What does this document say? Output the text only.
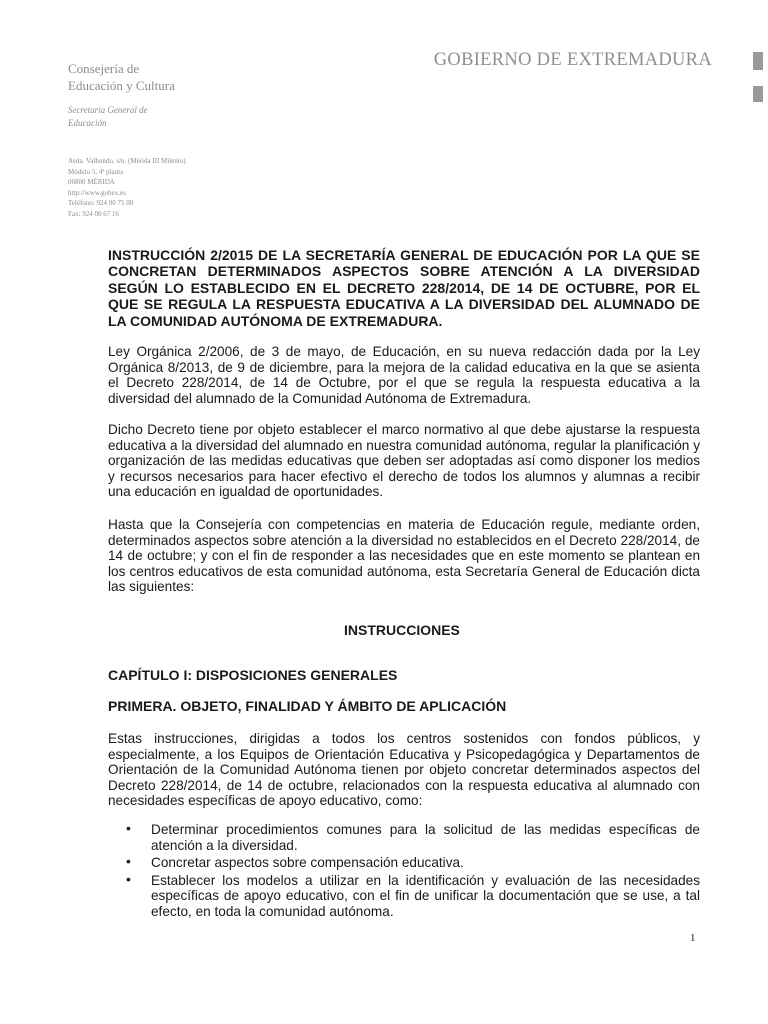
Consejería de
Educación y Cultura
Secretaría General de
Educación
Avda. Valhondo, s/n. (Mérida III Milenio)
Módulo 5, 4ª planta
06800 MÉRIDA
http://www.gobex.es
Teléfono: 924 00 75 00
Fax: 924 00 67 16
GOBIERNO DE EXTREMADURA

INSTRUCCIÓN 2/2015 DE LA SECRETARÍA GENERAL DE EDUCACIÓN POR LA QUE SE CONCRETAN DETERMINADOS ASPECTOS SOBRE ATENCIÓN A LA DIVERSIDAD SEGÚN LO ESTABLECIDO EN EL DECRETO 228/2014, DE 14 DE OCTUBRE, POR EL QUE SE REGULA LA RESPUESTA EDUCATIVA A LA DIVERSIDAD DEL ALUMNADO DE LA COMUNIDAD AUTÓNOMA DE EXTREMADURA.

Ley Orgánica 2/2006, de 3 de mayo, de Educación, en su nueva redacción dada por la Ley Orgánica 8/2013, de 9 de diciembre, para la mejora de la calidad educativa en la que se asienta el Decreto 228/2014, de 14 de Octubre, por el que se regula la respuesta educativa a la diversidad del alumnado de la Comunidad Autónoma de Extremadura.

Dicho Decreto tiene por objeto establecer el marco normativo al que debe ajustarse la respuesta educativa a la diversidad del alumnado en nuestra comunidad autónoma, regular la planificación y organización de las medidas educativas que deben ser adoptadas así como disponer los medios y recursos necesarios para hacer efectivo el derecho de todos los alumnos y alumnas a recibir una educación en igualdad de oportunidades.

Hasta que la Consejería con competencias en materia de Educación regule, mediante orden, determinados aspectos sobre atención a la diversidad no establecidos en el Decreto 228/2014, de 14 de octubre; y con el fin de responder a las necesidades que en este momento se plantean en los centros educativos de esta comunidad autónoma, esta Secretaría General de Educación dicta las siguientes:

INSTRUCCIONES

CAPÍTULO I: DISPOSICIONES GENERALES

PRIMERA. OBJETO, FINALIDAD Y ÁMBITO DE APLICACIÓN

Estas instrucciones, dirigidas a todos los centros sostenidos con fondos públicos, y especialmente, a los Equipos de Orientación Educativa y Psicopedagógica y Departamentos de Orientación de la Comunidad Autónoma tienen por objeto concretar determinados aspectos del Decreto 228/2014, de 14 de octubre, relacionados con la respuesta educativa al alumnado con necesidades específicas de apoyo educativo, como:

• Determinar procedimientos comunes para la solicitud de las medidas específicas de atención a la diversidad.
• Concretar aspectos sobre compensación educativa.
• Establecer los modelos a utilizar en la identificación y evaluación de las necesidades específicas de apoyo educativo, con el fin de unificar la documentación que se use, a tal efecto, en toda la comunidad autónoma.
1
